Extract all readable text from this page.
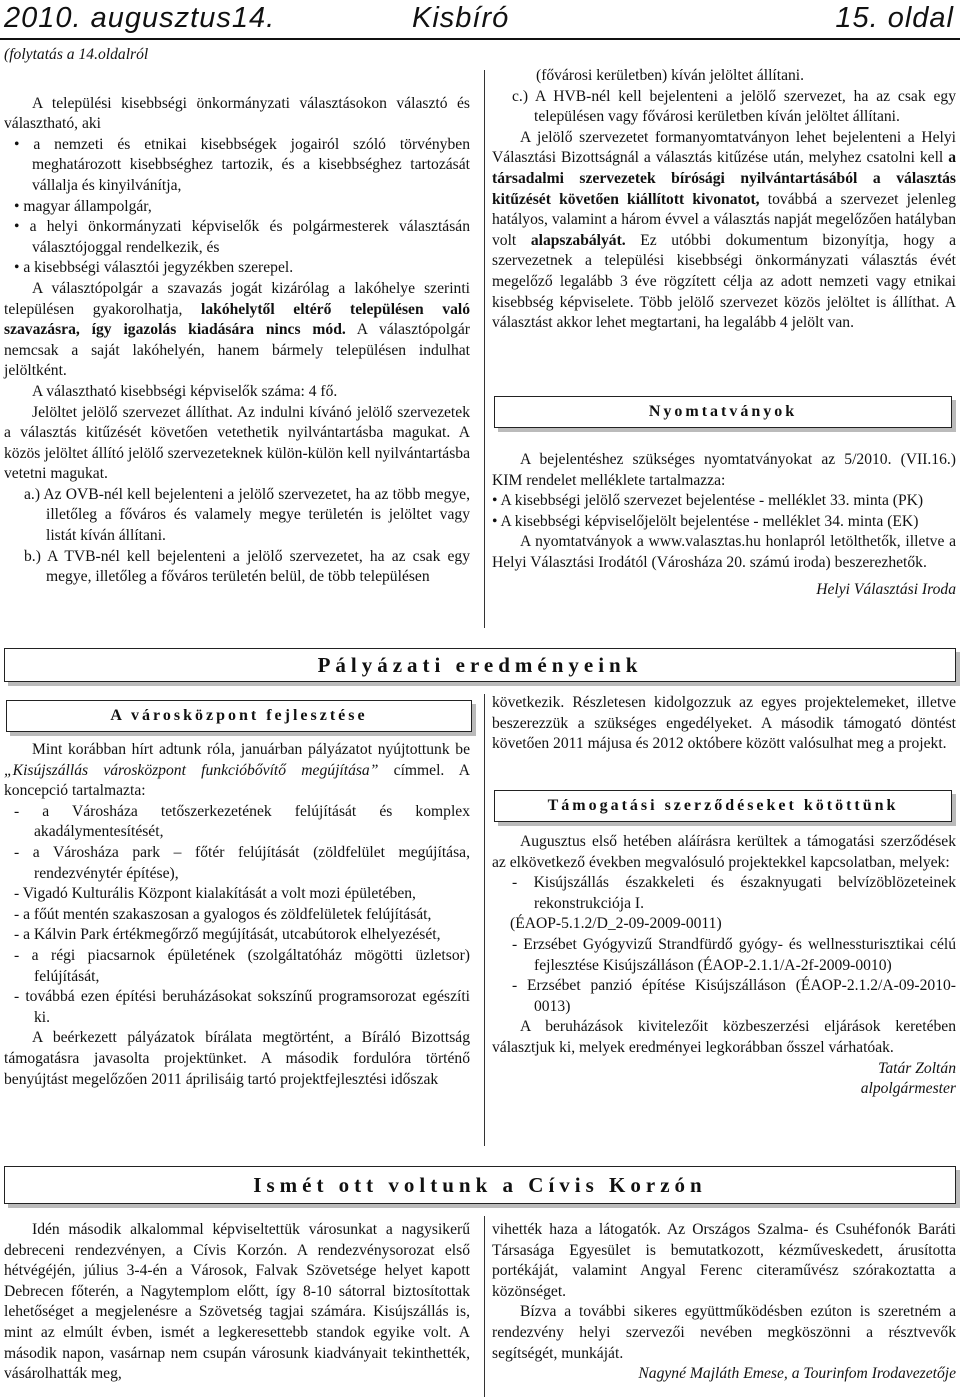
2010. augusztus14.	Kisbíró	15. oldal

(folytatás a 14.oldalról

A települési kisebbségi önkormányzati választásokon választó és választható, aki

• a nemzeti és etnikai kisebbségek jogairól szóló törvényben meghatározott kisebbséghez tartozik, és a kisebbséghez tartozását vállalja és kinyilvánítja,

• magyar állampolgár,

• a helyi önkormányzati képviselők és polgármesterek választásán választójoggal rendelkezik, és

• a kisebbségi választói jegyzékben szerepel.

A választópolgár a szavazás jogát kizárólag a lakóhelye szerinti településen gyakorolhatja, lakóhelytől eltérő településen való szavazásra, így igazolás kiadására nincs mód. A választópolgár nemcsak a saját lakóhelyén, hanem bármely településen indulhat jelöltként.

A választható kisebbségi képviselők száma: 4 fő.

Jelöltet jelölő szervezet állíthat. Az indulni kívánó jelölő szervezetek a választás kitűzését követően vetethetik nyilvántartásba magukat. A közös jelöltet állító jelölő szervezeteknek külön-külön kell nyilvántartásba vetetni magukat.

a.) Az OVB-nél kell bejelenteni a jelölő szervezetet, ha az több megye, illetőleg a főváros és valamely megye területén is jelöltet vagy listát kíván állítani.

b.) A TVB-nél kell bejelenteni a jelölő szervezetet, ha az csak egy megye, illetőleg a főváros területén belül, de több településen

(fővárosi kerületben) kíván jelöltet állítani.

c.) A HVB-nél kell bejelenteni a jelölő szervezet, ha az csak egy településen vagy fővárosi kerületben kíván jelöltet állítani.

A jelölő szervezetet formanyomtatványon lehet bejelenteni a Helyi Választási Bizottságnál a választás kitűzése után, melyhez csatolni kell a társadalmi szervezetek bírósági nyilvántartásából a választás kitűzését követően kiállított kivonatot, továbbá a szervezet jelenleg hatályos, valamint a három évvel a választás napját megelőzően hatályban volt alapszabályát. Ez utóbbi dokumentum bizonyítja, hogy a szervezetnek a települési kisebbségi önkormányzati választás évét megelőző legalább 3 éve rögzített célja az adott nemzeti vagy etnikai kisebbség képviselete. Több jelölő szervezet közös jelöltet is állíthat. A választást akkor lehet megtartani, ha legalább 4 jelölt van.

Nyomtatványok

A bejelentéshez szükséges nyomtatványokat az 5/2010. (VII.16.) KIM rendelet melléklete tartalmazza:

• A kisebbségi jelölő szervezet bejelentése - melléklet 33. minta (PK)

• A kisebbségi képviselőjelölt bejelentése - melléklet 34. minta (EK)

A nyomtatványok a www.valasztas.hu honlapról letölthetők, illetve a Helyi Választási Irodától (Városháza 20. számú iroda) beszerezhetők.

Helyi Választási Iroda

Pályázati eredményeink
A városközpont fejlesztése

Mint korábban hírt adtunk róla, januárban pályázatot nyújtottunk be „Kisújszállás városközpont funkcióbővítő megújítása” címmel. A koncepció tartalmazta:

- a Városháza tetőszerkezetének felújítását és komplex akadálymentesítését,

- a Városháza park – főtér felújítását (zöldfelület megújítása, rendezvénytér építése),

- Vigadó Kulturális Központ kialakítását a volt mozi épületében,

- a főút mentén szakaszosan a gyalogos és zöldfelületek felújítását,

- a Kálvin Park értékmegőrző megújítását, utcabútorok elhelyezését,

- a régi piacsarnok épületének (szolgáltatóház mögötti üzletsor) felújítását,

- továbbá ezen építési beruházásokat sokszínű programsorozat egészíti ki.

A beérkezett pályázatok bírálata megtörtént, a Bíráló Bizottság támogatásra javasolta projektünket. A második fordulóra történő benyújtást megelőzően 2011 áprilisáig tartó projektfejlesztési időszak

következik. Részletesen kidolgozzuk az egyes projektelemeket, illetve beszerezzük a szükséges engedélyeket. A második támogató döntést követően 2011 májusa és 2012 októbere között valósulhat meg a projekt.

Támogatási szerződéseket kötöttünk

Augusztus első hetében aláírásra kerültek a támogatási szerződések az elkövetkező években megvalósuló projektekkel kapcsolatban, melyek:

- Kisújszállás északkeleti és északnyugati belvízöblözeteinek rekonstrukciója I.

(ÉAOP-5.1.2/D_2-09-2009-0011)

- Erzsébet Gyógyvizű Strandfürdő gyógy- és wellnessturisztikai célú fejlesztése Kisújszálláson (ÉAOP-2.1.1/A-2f-2009-0010)

- Erzsébet panzió építése Kisújszálláson (ÉAOP-2.1.2/A-09-2010-0013)

A beruházások kivitelezőit közbeszerzési eljárások keretében választjuk ki, melyek eredményei legkorábban ősszel várhatóak.

Tatár Zoltán

alpolgármester

Ismét ott voltunk a Cívis Korzón

Idén második alkalommal képviseltettük városunkat a nagysikerű debreceni rendezvényen, a Cívis Korzón. A rendezvénysorozat első hétvégéjén, július 3-4-én a Városok, Falvak Szövetsége helyet kapott Debrecen főterén, a Nagytemplom előtt, így 8-10 sátorral biztosítottak lehetőséget a megjelenésre a Szövetség tagjai számára. Kisújszállás is, mint az elmúlt évben, ismét a legkeresettebb standok egyike volt. A második napon, vasárnap nem csupán városunk kiadványait tekinthették, vásárolhatták meg,

vihették haza a látogatók. Az Országos Szalma- és Csuhéfonók Baráti Társasága Egyesület is bemutatkozott, kézműveskedett, árusította portékáját, valamint Angyal Ferenc citeraművész szórakoztatta a közönséget.

Bízva a további sikeres együttműködésben ezúton is szeretném a rendezvény helyi szervezői nevében megköszönni a résztvevők segítségét, munkáját.

Nagyné Majláth Emese, a Tourinfom Irodavezetője
